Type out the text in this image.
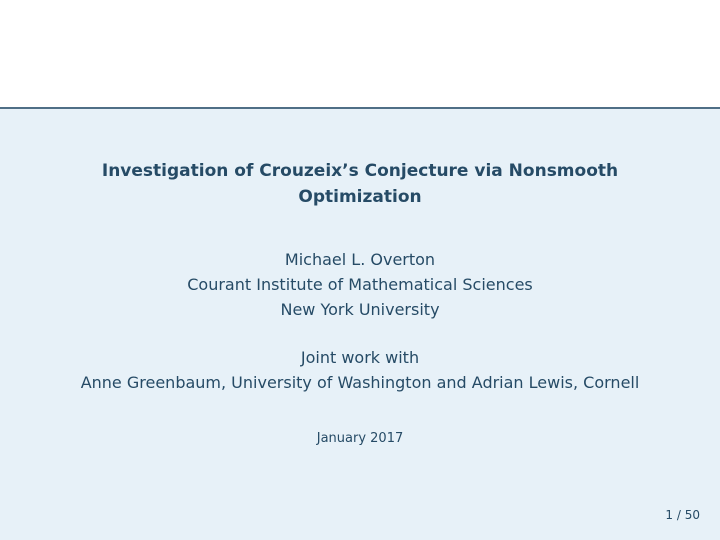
Investigation of Crouzeix’s Conjecture via Nonsmooth
Optimization
Michael L. Overton
Courant Institute of Mathematical Sciences
New York University
Joint work with
Anne Greenbaum, University of Washington and Adrian Lewis, Cornell
January 2017
1 / 50
